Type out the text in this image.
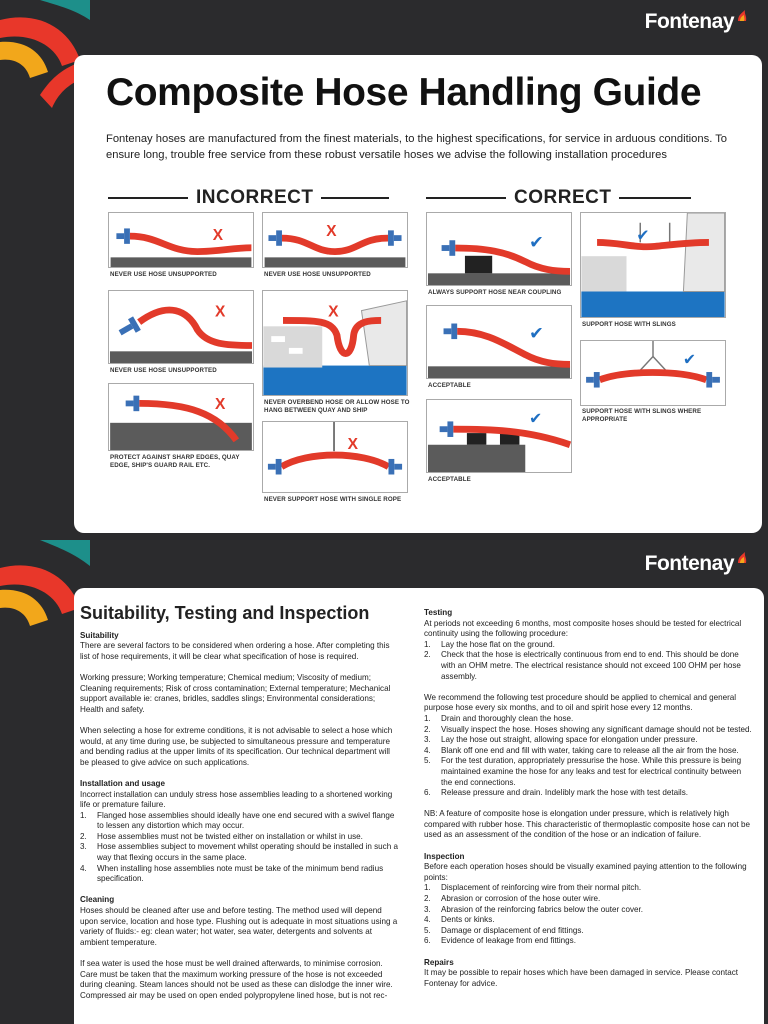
Fontenay
Composite Hose Handling Guide

Fontenay hoses are manufactured from the finest materials, to the highest specifications, for service in arduous conditions. To ensure long, trouble free service from these robust versatile hoses we advise the following installation procedures

INCORRECT	CORRECT
X
NEVER USE HOSE UNSUPPORTED
X
NEVER USE HOSE UNSUPPORTED
X
NEVER USE HOSE UNSUPPORTED
X
NEVER OVERBEND HOSE OR ALLOW HOSE TO HANG BETWEEN QUAY AND SHIP
X
PROTECT AGAINST SHARP EDGES, QUAY EDGE, SHIP'S GUARD RAIL ETC.
X
NEVER SUPPORT HOSE WITH SINGLE ROPE
✔
ALWAYS SUPPORT HOSE NEAR COUPLING
✔
SUPPORT HOSE WITH SLINGS
✔
ACCEPTABLE
✔
SUPPORT HOSE WITH SLINGS WHERE APPROPRIATE
✔
ACCEPTABLE
Fontenay
Suitability, Testing and Inspection
Suitability

There are several factors to be considered when ordering a hose. After completing this list of hose requirements, it will be clear what specification of hose is required.

Working pressure; Working temperature; Chemical medium; Viscosity of medium; Cleaning requirements; Risk of cross contamination; External temperature; Mechanical support available ie: cranes, bridles, saddles slings; Environmental considerations; Health and safety.

When selecting a hose for extreme conditions, it is not advisable to select a hose which would, at any time during use, be subjected to simultaneous pressure and temperature and bending radius at the upper limits of its specification. Our technical department will be pleased to give advice on such applications.

Installation and usage
Incorrect installation can unduly stress hose assemblies leading to a shortened working life or premature failure.
1. Flanged hose assemblies should ideally have one end secured with a swivel flange to lessen any distortion which may occur.
2. Hose assemblies must not be twisted either on installation or whilst in use.
3. Hose assemblies subject to movement whilst operating should be installed in such a way that flexing occurs in the same place.
4. When installing hose assemblies note must be take of the minimum bend radius specification.
Cleaning

Hoses should be cleaned after use and before testing. The method used will depend upon service, location and hose type. Flushing out is adequate in most situations using a variety of fluids:- eg: clean water; hot water, sea water, detergents and solvents at ambient temperature.

If sea water is used the hose must be well drained afterwards, to minimise corrosion. Care must be taken that the maximum working pressure of the hose is not exceeded during cleaning. Steam lances should not be used as these can dislodge the inner wire. Compressed air may be used on open ended polypropylene lined hose, but is not rec-

Testing
At periods not exceeding 6 months, most composite hoses should be tested for electrical continuity using the following procedure:
1. Lay the hose flat on the ground.
2. Check that the hose is electrically continuous from end to end. This should be done with an OHM metre. The electrical resistance should not exceed 100 OHM per hose assembly.
We recommend the following test procedure should be applied to chemical and general purpose hose every six months, and to oil and spirit hose every 12 months.
1. Drain and thoroughly clean the hose.
2. Visually inspect the hose. Hoses showing any significant damage should not be tested.
3. Lay the hose out straight, allowing space for elongation under pressure.
4. Blank off one end and fill with water, taking care to release all the air from the hose.
5. For the test duration, appropriately pressurise the hose. While this pressure is being maintained examine the hose for any leaks and test for electrical continuity between the end connections.
6. Release pressure and drain. Indelibly mark the hose with test details.

NB: A feature of composite hose is elongation under pressure, which is relatively high compared with rubber hose. This characteristic of thermoplastic composite hose can not be used as an assessment of the condition of the hose or an indication of failure.

Inspection
Before each operation hoses should be visually examined paying attention to the following points:
1. Displacement of reinforcing wire from their normal pitch.
2. Abrasion or corrosion of the hose outer wire.
3. Abrasion of the reinforcing fabrics below the outer cover.
4. Dents or kinks.
5. Damage or displacement of end fittings.
6. Evidence of leakage from end fittings.
Repairs
It may be possible to repair hoses which have been damaged in service. Please contact Fontenay for advice.
